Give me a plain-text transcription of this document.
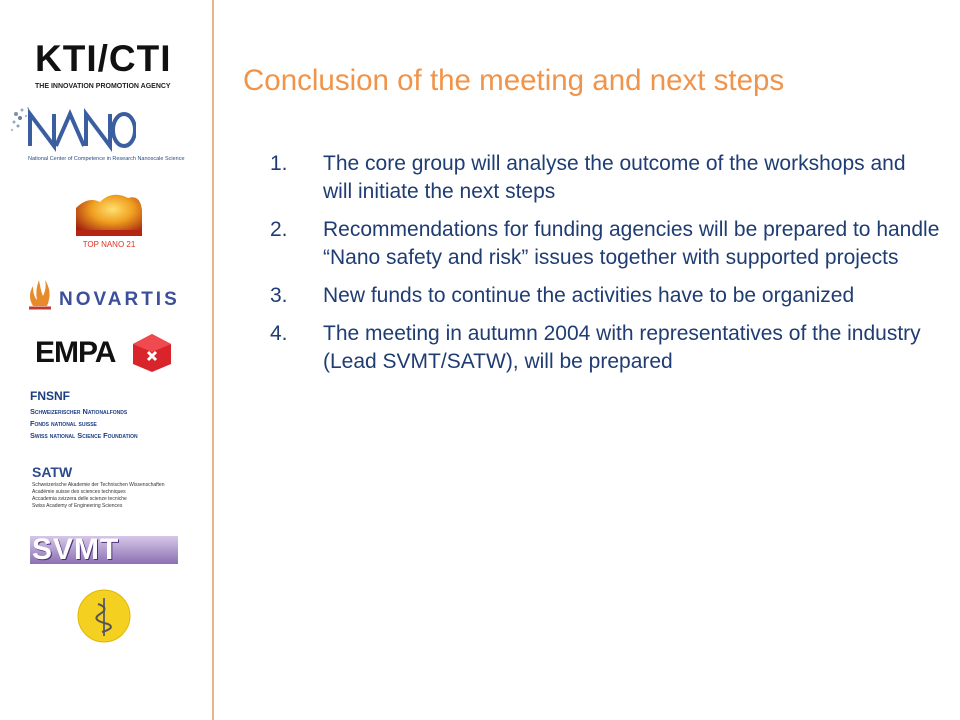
KTI/CTI
THE INNOVATION PROMOTION AGENCY
National Center of Competence in Research Nanoscale Science
TOP NANO 21
NOVARTIS
EMPA
FNSNF
Schweizerischer Nationalfonds
Fonds national suisse
Swiss national Science Foundation
SATW
Schweizerische Akademie der Technischen Wissenschaften
Académie suisse des sciences techniques
Accademia svizzera delle scienze tecniche
Swiss Academy of Engineering Sciences
SVMT
Conclusion of the meeting and next steps
1. The core group will analyse the outcome of the workshops and will initiate the next steps
2. Recommendations for funding agencies will be prepared to handle “Nano safety and risk” issues together with supported projects
3. New funds to continue the activities have to be organized
4. The meeting in autumn 2004 with representatives of the industry (Lead SVMT/SATW), will be prepared
